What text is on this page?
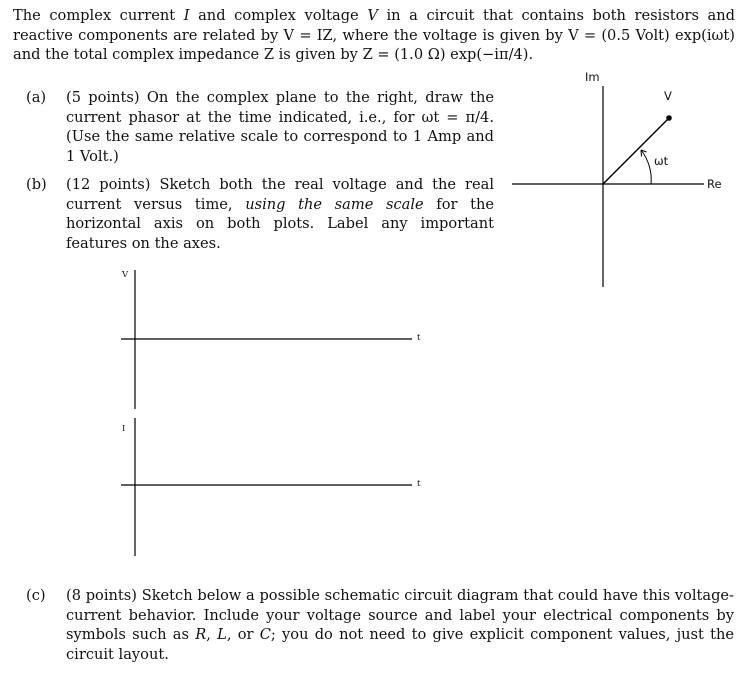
The complex current I and complex voltage V in a circuit that contains both resistors and reactive components are related by V = IZ, where the voltage is given by V = (0.5 Volt) exp(iωt) and the total complex impedance Z is given by Z = (1.0 Ω) exp(−iπ/4).

(a) (5 points) On the complex plane to the right, draw the current phasor at the time indicated, i.e., for ωt = π/4. (Use the same relative scale to correspond to 1 Amp and 1 Volt.)
(b) (12 points) Sketch both the real voltage and the real current versus time, using the same scale for the horizontal axis on both plots. Label any important features on the axes.
(c) (8 points) Sketch below a possible schematic circuit diagram that could have this voltage-current behavior. Include your voltage source and label your electrical components by symbols such as R, L, or C; you do not need to give explicit component values, just the circuit layout.
Im
Re
V
ωt
V
t
I
t
